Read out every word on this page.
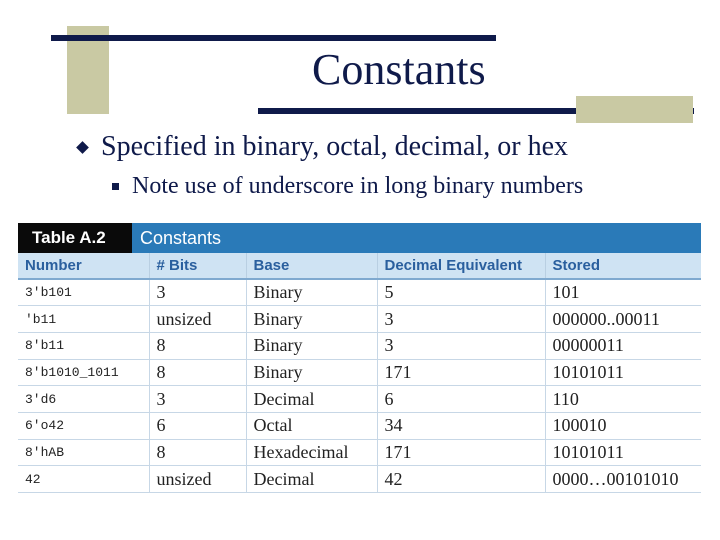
Constants
Specified in binary, octal, decimal, or hex
Note use of underscore in long binary numbers
Table A.2	Constants
Number	# Bits	Base	Decimal Equivalent	Stored
3'b101	3	Binary	5	101
'b11	unsized	Binary	3	000000..00011
8'b11	8	Binary	3	00000011
8'b1010_1011	8	Binary	171	10101011
3'd6	3	Decimal	6	110
6'o42	6	Octal	34	100010
8'hAB	8	Hexadecimal	171	10101011
42	unsized	Decimal	42	0000…00101010
